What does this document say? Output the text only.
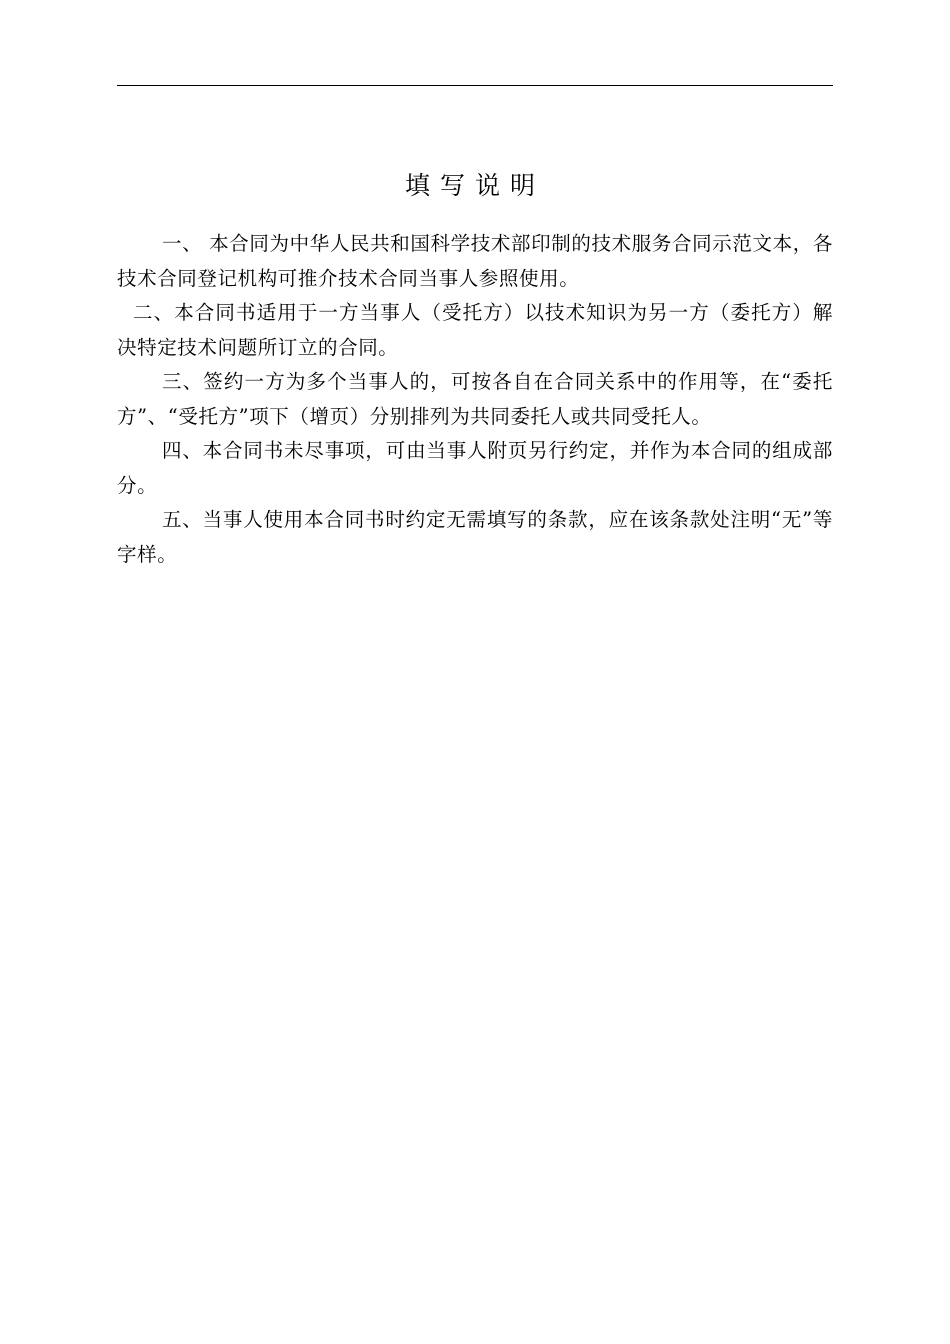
填写说明

一、 本合同为中华人民共和国科学技术部印制的技术服务合同示范文本，各技术合同登记机构可推介技术合同当事人参照使用。

二、本合同书适用于一方当事人（受托方）以技术知识为另一方（委托方）解决特定技术问题所订立的合同。

三、签约一方为多个当事人的，可按各自在合同关系中的作用等，在“委托方”、“受托方”项下（增页）分别排列为共同委托人或共同受托人。

四、本合同书未尽事项，可由当事人附页另行约定，并作为本合同的组成部分。

五、当事人使用本合同书时约定无需填写的条款，应在该条款处注明“无”等字样。
